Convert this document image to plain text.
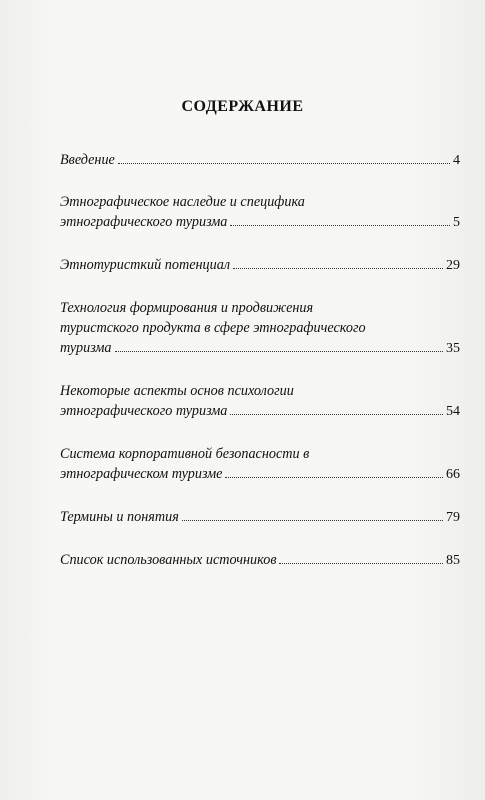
СОДЕРЖАНИЕ
Введение	4
Этнографическое наследие и специфика
этнографического туризма	5
Этнотуристкий потенциал	29
Технология формирования и продвижения
туристского продукта в сфере этнографического
туризма	35
Некоторые аспекты основ психологии
этнографического туризма	54
Система корпоративной безопасности в
этнографическом туризме	66
Термины и понятия	79
Список использованных источников	85
